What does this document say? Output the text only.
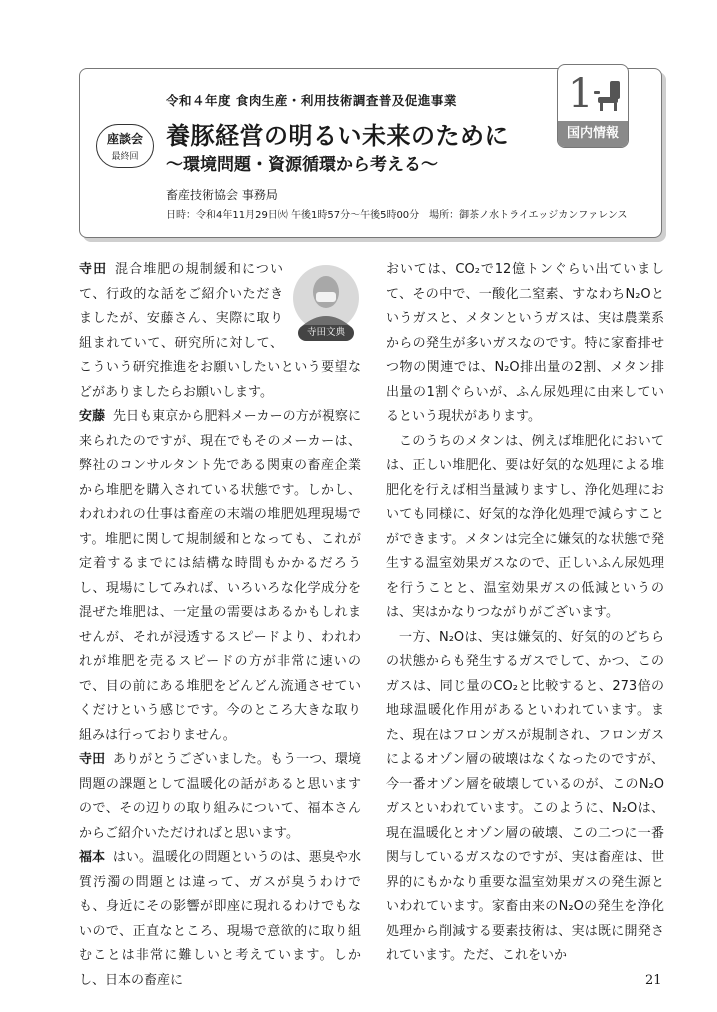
1
国内情報
座談会
最終回
令和４年度 食肉生産・利用技術調査普及促進事業
養豚経営の明るい未来のために
〜環境問題・資源循環から考える〜
畜産技術協会 事務局
日時：令和4年11月29日㈫ 午後1時57分〜午後5時00分　場所：御茶ノ水トライエッジカンファレンス

寺田 混合堆肥の規制緩和について、行政的な話をご紹介いただきましたが、安藤さん、実際に取り組まれていて、研究所に対して、こういう研究推進をお願いしたいという要望などがありましたらお願いします。

安藤 先日も東京から肥料メーカーの方が視察に来られたのですが、現在でもそのメーカーは、弊社のコンサルタント先である関東の畜産企業から堆肥を購入されている状態です。しかし、われわれの仕事は畜産の末端の堆肥処理現場です。堆肥に関して規制緩和となっても、これが定着するまでには結構な時間もかかるだろうし、現場にしてみれば、いろいろな化学成分を混ぜた堆肥は、一定量の需要はあるかもしれませんが、それが浸透するスピードより、われわれが堆肥を売るスピードの方が非常に速いので、目の前にある堆肥をどんどん流通させていくだけという感じです。今のところ大きな取り組みは行っておりません。

寺田 ありがとうございました。もう一つ、環境問題の課題として温暖化の話があると思いますので、その辺りの取り組みについて、福本さんからご紹介いただければと思います。

福本 はい。温暖化の問題というのは、悪臭や水質汚濁の問題とは違って、ガスが臭うわけでも、身近にその影響が即座に現れるわけでもないので、正直なところ、現場で意欲的に取り組むことは非常に難しいと考えています。しかし、日本の畜産に

寺田文典

おいては、CO₂で12億トンぐらい出ていまして、その中で、一酸化二窒素、すなわちN₂Oというガスと、メタンというガスは、実は農業系からの発生が多いガスなのです。特に家畜排せつ物の関連では、N₂O排出量の2割、メタン排出量の1割ぐらいが、ふん尿処理に由来しているという現状があります。

このうちのメタンは、例えば堆肥化においては、正しい堆肥化、要は好気的な処理による堆肥化を行えば相当量減りますし、浄化処理においても同様に、好気的な浄化処理で減らすことができます。メタンは完全に嫌気的な状態で発生する温室効果ガスなので、正しいふん尿処理を行うことと、温室効果ガスの低減というのは、実はかなりつながりがございます。

一方、N₂Oは、実は嫌気的、好気的のどちらの状態からも発生するガスでして、かつ、このガスは、同じ量のCO₂と比較すると、273倍の地球温暖化作用があるといわれています。また、現在はフロンガスが規制され、フロンガスによるオゾン層の破壊はなくなったのですが、今一番オゾン層を破壊しているのが、このN₂Oガスといわれています。このように、N₂Oは、現在温暖化とオゾン層の破壊、この二つに一番関与しているガスなのですが、実は畜産は、世界的にもかなり重要な温室効果ガスの発生源といわれています。家畜由来のN₂Oの発生を浄化処理から削減する要素技術は、実は既に開発されています。ただ、これをいか

21
